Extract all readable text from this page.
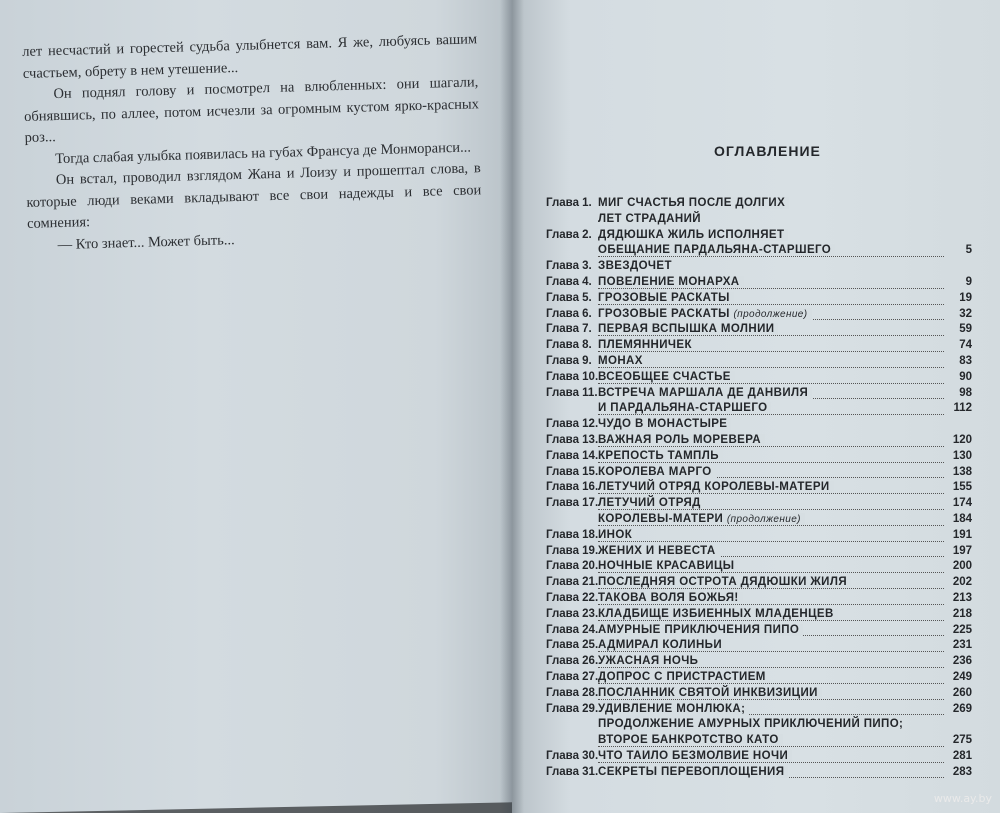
лет несчастий и горестей судьба улыбнется вам. Я же, любуясь вашим счастьем, обрету в нем утешение...

Он поднял голову и посмотрел на влюбленных: они шагали, обнявшись, по аллее, потом исчезли за огромным кустом ярко-красных роз...

Тогда слабая улыбка появилась на губах Франсуа де Монморанси...

Он встал, проводил взглядом Жана и Лоизу и прошептал слова, в которые люди веками вкладывают все свои надежды и все свои сомнения:

— Кто знает... Может быть...

ОГЛАВЛЕНИЕ
Глава 1. МИГ СЧАСТЬЯ ПОСЛЕ ДОЛГИХ
ЛЕТ СТРАДАНИЙ
Глава 2. ДЯДЮШКА ЖИЛЬ ИСПОЛНЯЕТ
ОБЕЩАНИЕ ПАРДАЛЬЯНА-СТАРШЕГО	5
Глава 3. ЗВЕЗДОЧЕТ
Глава 4. ПОВЕЛЕНИЕ МОНАРХА	9
Глава 5. ГРОЗОВЫЕ РАСКАТЫ	19
Глава 6. ГРОЗОВЫЕ РАСКАТЫ (продолжение)	32
Глава 7. ПЕРВАЯ ВСПЫШКА МОЛНИИ	59
Глава 8. ПЛЕМЯННИЧЕК	74
Глава 9. МОНАХ	83
Глава 10. ВСЕОБЩЕЕ СЧАСТЬЕ	90
Глава 11. ВСТРЕЧА МАРШАЛА ДЕ ДАНВИЛЯ	98
И ПАРДАЛЬЯНА-СТАРШЕГО	112
Глава 12. ЧУДО В МОНАСТЫРЕ
Глава 13. ВАЖНАЯ РОЛЬ МОРЕВЕРА	120
Глава 14. КРЕПОСТЬ ТАМПЛЬ	130
Глава 15. КОРОЛЕВА МАРГО	138
Глава 16. ЛЕТУЧИЙ ОТРЯД КОРОЛЕВЫ-МАТЕРИ	155
Глава 17. ЛЕТУЧИЙ ОТРЯД	174
КОРОЛЕВЫ-МАТЕРИ (продолжение)	184
Глава 18. ИНОК	191
Глава 19. ЖЕНИХ И НЕВЕСТА	197
Глава 20. НОЧНЫЕ КРАСАВИЦЫ	200
Глава 21. ПОСЛЕДНЯЯ ОСТРОТА ДЯДЮШКИ ЖИЛЯ	202
Глава 22. ТАКОВА ВОЛЯ БОЖЬЯ!	213
Глава 23. КЛАДБИЩЕ ИЗБИЕННЫХ МЛАДЕНЦЕВ	218
Глава 24. АМУРНЫЕ ПРИКЛЮЧЕНИЯ ПИПО	225
Глава 25. АДМИРАЛ КОЛИНЬИ	231
Глава 26. УЖАСНАЯ НОЧЬ	236
Глава 27. ДОПРОС С ПРИСТРАСТИЕМ	249
Глава 28. ПОСЛАННИК СВЯТОЙ ИНКВИЗИЦИИ	260
Глава 29. УДИВЛЕНИЕ МОНЛЮКА;	269
ПРОДОЛЖЕНИЕ АМУРНЫХ ПРИКЛЮЧЕНИЙ ПИПО;
ВТОРОЕ БАНКРОТСТВО КАТО	275
Глава 30. ЧТО ТАИЛО БЕЗМОЛВИЕ НОЧИ	281
Глава 31. СЕКРЕТЫ ПЕРЕВОПЛОЩЕНИЯ	283
www.ay.by
